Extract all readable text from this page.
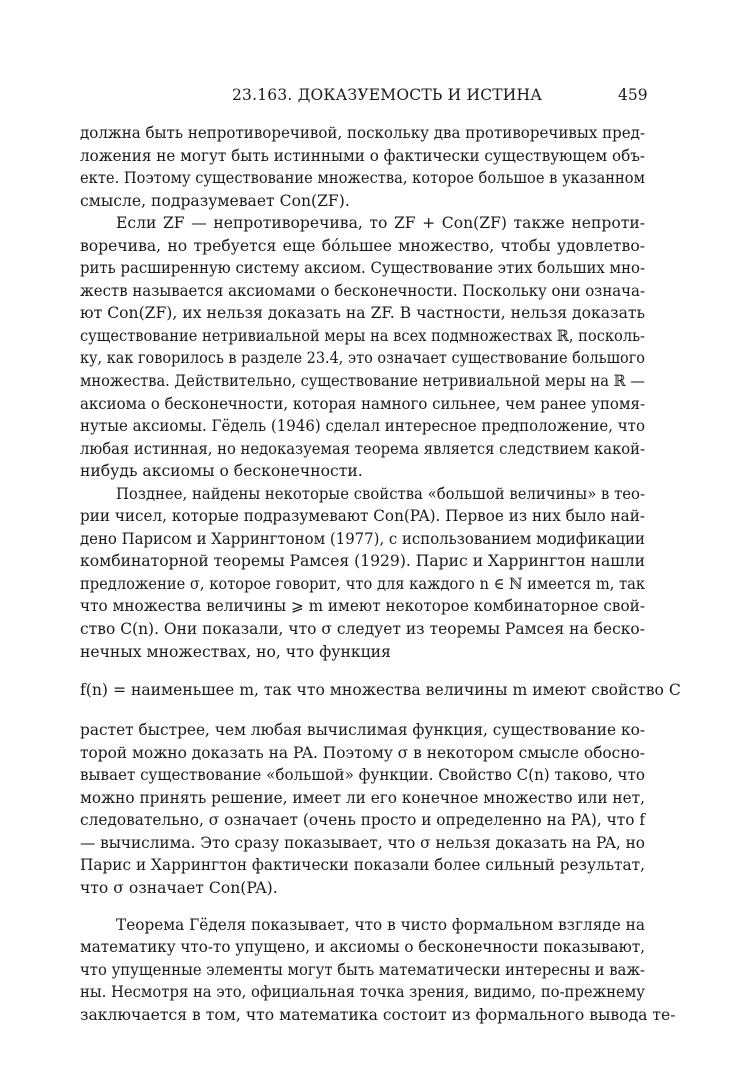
23.163. ДОКАЗУЕМОСТЬ И ИСТИНА	459
должна быть непротиворечивой, поскольку два противоречивых пред-
ложения не могут быть истинными о фактически существующем объ-
екте. Поэтому существование множества, которое большое в указанном
смысле, подразумевает Con(ZF).
Если ZF — непротиворечива, то ZF + Con(ZF) также непроти-
воречива, но требуется еще бóльшее множество, чтобы удовлетво-
рить расширенную систему аксиом. Существование этих больших мно-
жеств называется аксиомами о бесконечности. Поскольку они означа-
ют Con(ZF), их нельзя доказать на ZF. В частности, нельзя доказать
существование нетривиальной меры на всех подмножествах ℝ, посколь-
ку, как говорилось в разделе 23.4, это означает существование большого
множества. Действительно, существование нетривиальной меры на ℝ —
аксиома о бесконечности, которая намного сильнее, чем ранее упомя-
нутые аксиомы. Гёдель (1946) сделал интересное предположение, что
любая истинная, но недоказуемая теорема является следствием какой-
нибудь аксиомы о бесконечности.
Позднее, найдены некоторые свойства «большой величины» в тео-
рии чисел, которые подразумевают Con(PA). Первое из них было най-
дено Парисом и Харрингтоном (1977), с использованием модификации
комбинаторной теоремы Рамсея (1929). Парис и Харрингтон нашли
предложение σ, которое говорит, что для каждого n ∈ ℕ имеется m, так
что множества величины ⩾ m имеют некоторое комбинаторное свой-
ство C(n). Они показали, что σ следует из теоремы Рамсея на беско-
нечных множествах, но, что функция
f(n) = наименьшее m, так что множества величины m имеют свойство C
растет быстрее, чем любая вычислимая функция, существование ко-
торой можно доказать на PA. Поэтому σ в некотором смысле обосно-
вывает существование «большой» функции. Свойство C(n) таково, что
можно принять решение, имеет ли его конечное множество или нет,
следовательно, σ означает (очень просто и определенно на PA), что f
— вычислима. Это сразу показывает, что σ нельзя доказать на PA, но
Парис и Харрингтон фактически показали более сильный результат,
что σ означает Con(PA).
Теорема Гёделя показывает, что в чисто формальном взгляде на
математику что-то упущено, и аксиомы о бесконечности показывают,
что упущенные элементы могут быть математически интересны и важ-
ны. Несмотря на это, официальная точка зрения, видимо, по-прежнему
заключается в том, что математика состоит из формального вывода те-
